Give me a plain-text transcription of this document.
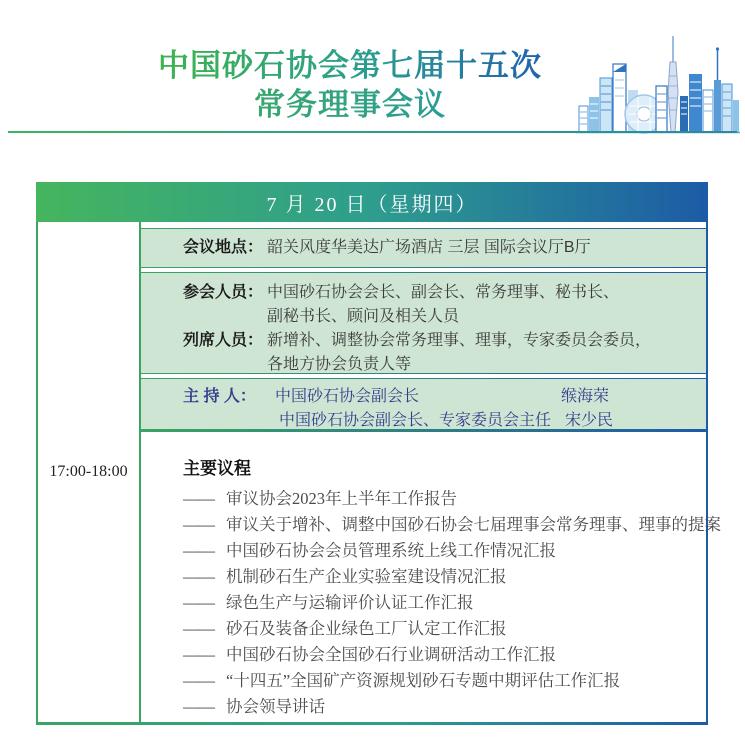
中国砂石协会第七届十五次
常务理事会议
7 月 20 日（星期四）
17:00-18:00
会议地点： 韶关风度华美达广场酒店 三层 国际会议厅B厅
参会人员： 中国砂石协会会长、副会长、常务理事、秘书长、
副秘书长、顾问及相关人员
列席人员： 新增补、调整协会常务理事、理事，专家委员会委员，
各地方协会负责人等
主 持 人：	中国砂石协会副会长	缑海荣
中国砂石协会副会长、专家委员会主任 宋少民
主要议程
—— 审议协会2023年上半年工作报告
—— 审议关于增补、调整中国砂石协会七届理事会常务理事、理事的提案
—— 中国砂石协会会员管理系统上线工作情况汇报
—— 机制砂石生产企业实验室建设情况汇报
—— 绿色生产与运输评价认证工作汇报
—— 砂石及装备企业绿色工厂认定工作汇报
—— 中国砂石协会全国砂石行业调研活动工作汇报
—— “十四五”全国矿产资源规划砂石专题中期评估工作汇报
—— 协会领导讲话
